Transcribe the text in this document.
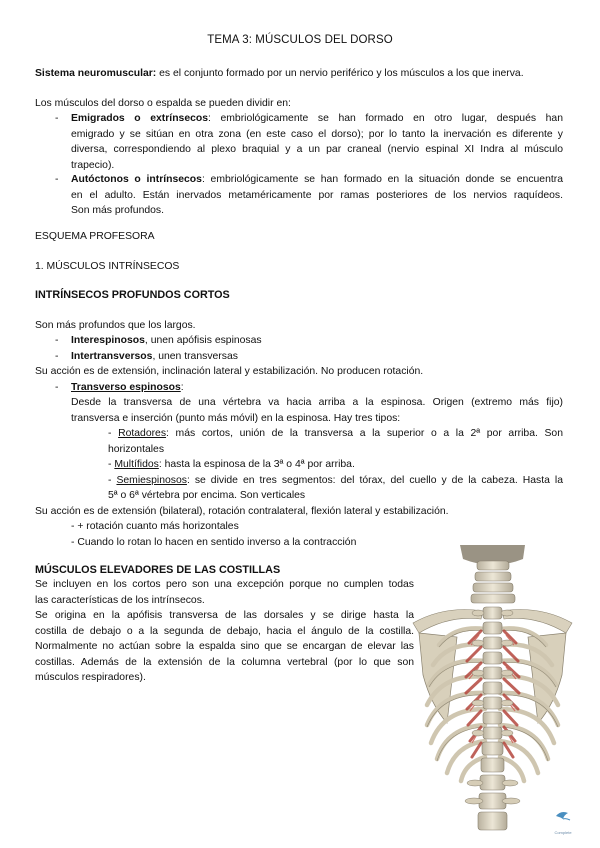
TEMA 3: MÚSCULOS DEL DORSO
Sistema neuromuscular: es el conjunto formado por un nervio periférico y los músculos a los que inerva.
Los músculos del dorso o espalda se pueden dividir en:
- Emigrados o extrínsecos: embriológicamente se han formado en otro lugar, después han
emigrado y se sitúan en otra zona (en este caso el dorso); por lo tanto la inervación es diferente y
diversa, correspondiendo al plexo braquial y a un par craneal (nervio espinal XI Indra al músculo
trapecio).
- Autóctonos o intrínsecos: embriológicamente se han formado en la situación donde se encuentra
en el adulto. Están inervados metaméricamente por ramas posteriores de los nervios raquídeos.
Son más profundos.
ESQUEMA PROFESORA
1. MÚSCULOS INTRÍNSECOS
INTRÍNSECOS PROFUNDOS CORTOS
Son más profundos que los largos.
- Interespinosos, unen apófisis espinosas
- Intertransversos, unen transversas
Su acción es de extensión, inclinación lateral y estabilización. No producen rotación.
- Transverso espinosos:
Desde la transversa de una vértebra va hacia arriba a la espinosa. Origen (extremo más fijo)
transversa e inserción (punto más móvil) en la espinosa. Hay tres tipos:
- Rotadores: más cortos, unión de la transversa a la superior o a la 2ª por arriba. Son
horizontales
- Multífidos: hasta la espinosa de la 3ª o 4ª por arriba.
- Semiespinosos: se divide en tres segmentos: del tórax, del cuello y de la cabeza. Hasta la
5ª o 6ª vértebra por encima. Son verticales
Su acción es de extensión (bilateral), rotación contralateral, flexión lateral y estabilización.
- + rotación cuanto más horizontales
- Cuando lo rotan lo hacen en sentido inverso a la contracción
MÚSCULOS ELEVADORES DE LAS COSTILLAS
Se incluyen en los cortos pero son una excepción porque no cumplen todas
las características de los intrínsecos.
Se origina en la apófisis transversa de las dorsales y se dirige hasta la
costilla de debajo o a la segunda de debajo, hacia el ángulo de la costilla.
Normalmente no actúan sobre la espalda sino que se encargan de elevar las
costillas. Además de la extensión de la columna vertebral (por lo que son
músculos respiradores).
Complete
